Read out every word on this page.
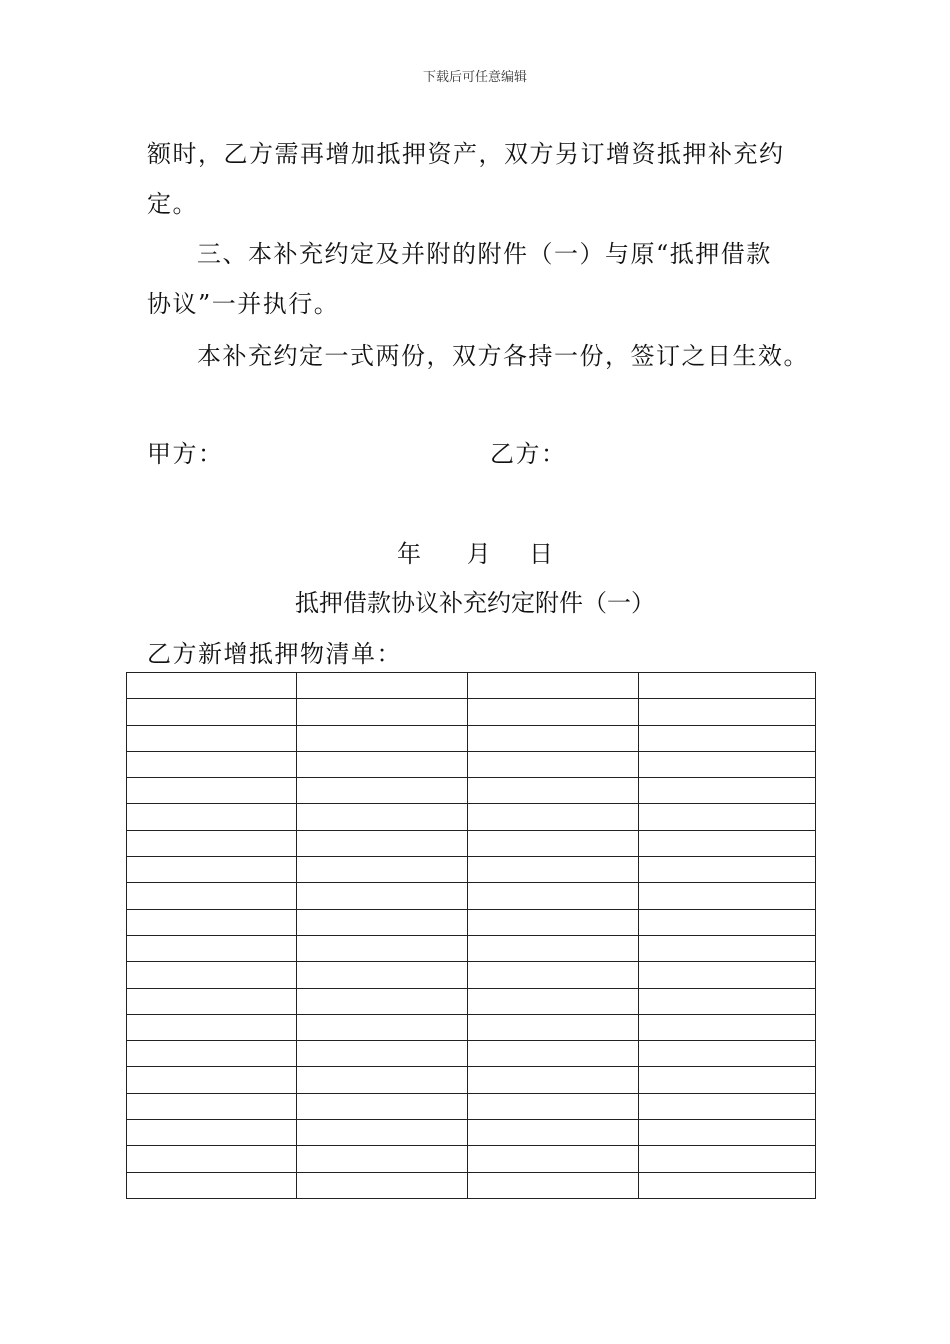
下载后可任意编辑
额时，乙方需再增加抵押资产，双方另订增资抵押补充约
定。
三、本补充约定及并附的附件（一）与原“抵押借款
协议”一并执行。
本补充约定一式两份，双方各持一份，签订之日生效。
甲方：	乙方：
年      月     日
抵押借款协议补充约定附件（一）
乙方新增抵押物清单：
